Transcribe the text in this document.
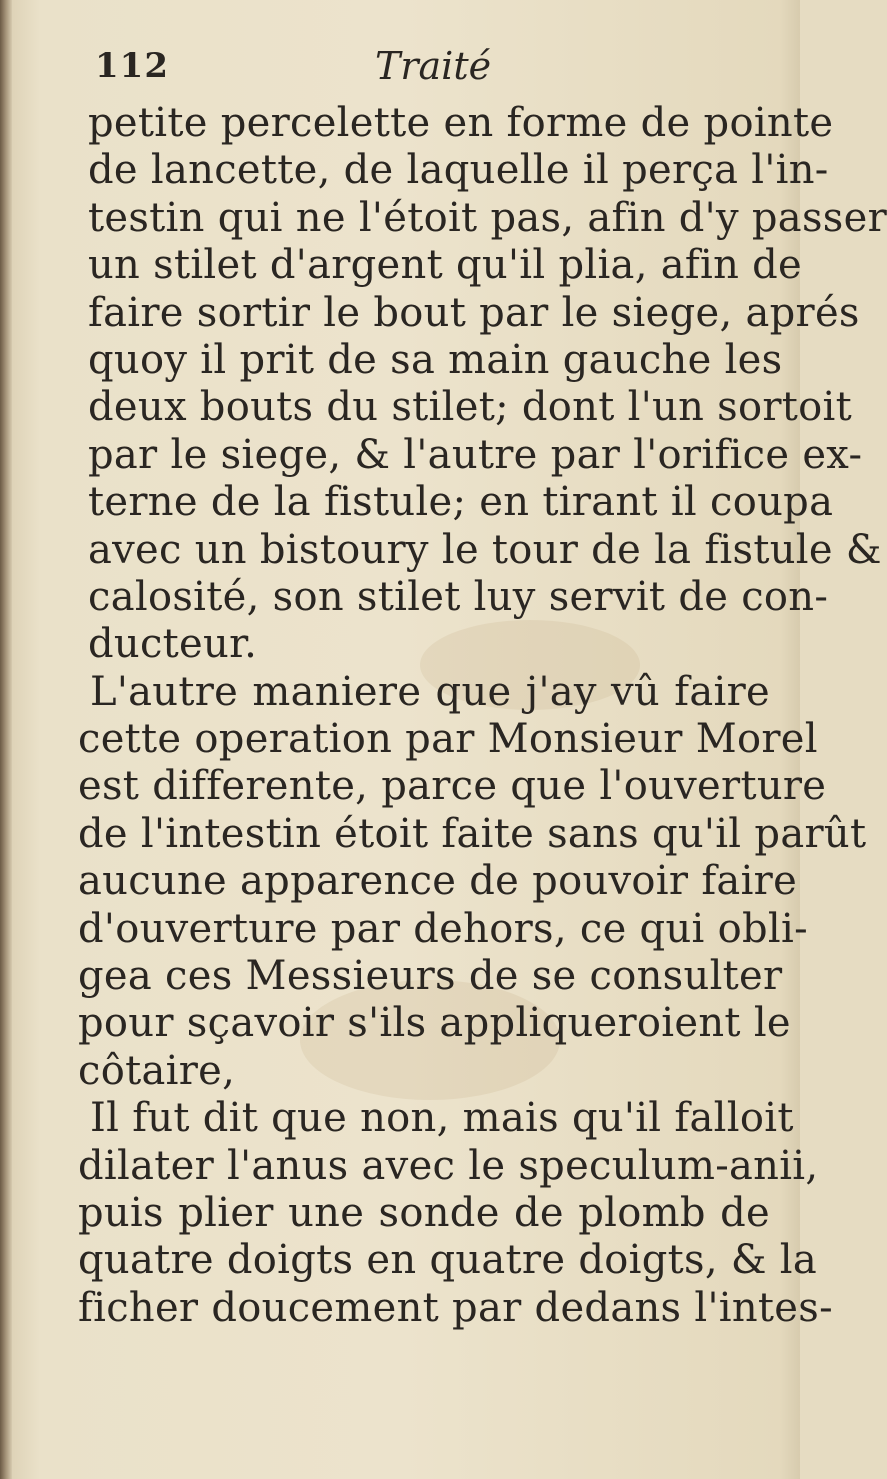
112	Traité
petite percelette en forme de pointe
de lancette, de laquelle il perça l'in-
testin qui ne l'étoit pas, afin d'y passer
un stilet d'argent qu'il plia, afin de
faire sortir le bout par le siege, aprés
quoy il prit de sa main gauche les
deux bouts du stilet; dont l'un sortoit
par le siege, & l'autre par l'orifice ex-
terne de la fistule; en tirant il coupa
avec un bistoury le tour de la fistule &
calosité, son stilet luy servit de con-
ducteur.
L'autre maniere que j'ay vû faire
cette operation par Monsieur Morel
est differente, parce que l'ouverture
de l'intestin étoit faite sans qu'il parût
aucune apparence de pouvoir faire
d'ouverture par dehors, ce qui obli-
gea ces Messieurs de se consulter
pour sçavoir s'ils appliqueroient le
côtaire,
Il fut dit que non, mais qu'il falloit
dilater l'anus avec le speculum-anii,
puis plier une sonde de plomb de
quatre doigts en quatre doigts, & la
ficher doucement par dedans l'intes-
